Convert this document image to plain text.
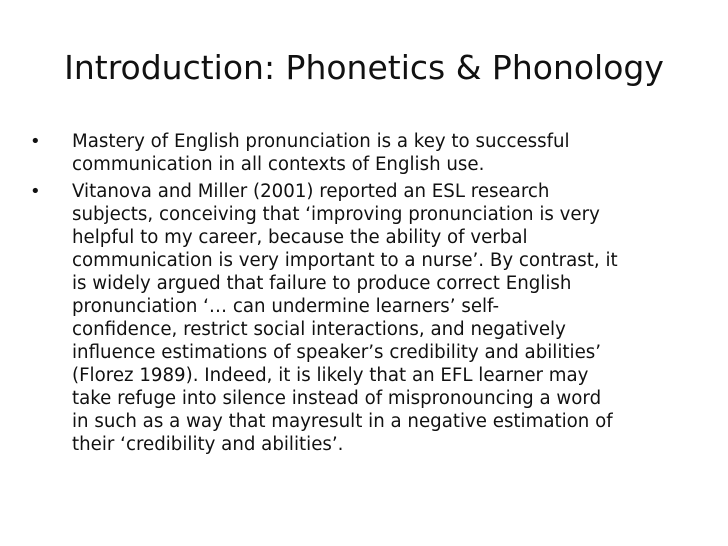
Introduction: Phonetics & Phonology
•	Mastery of English pronunciation is a key to successful
communication in all contexts of English use.
•	Vitanova and Miller (2001) reported an ESL research
subjects, conceiving that ‘improving pronunciation is very
helpful to my career, because the ability of verbal
communication is very important to a nurse’. By contrast, it
is widely argued that failure to produce correct English
pronunciation ‘… can undermine learners’ self-
confidence, restrict social interactions, and negatively
influence estimations of speaker’s credibility and abilities’
(Florez 1989). Indeed, it is likely that an EFL learner may
take refuge into silence instead of mispronouncing a word
in such as a way that mayresult in a negative estimation of
their ‘credibility and abilities’.
